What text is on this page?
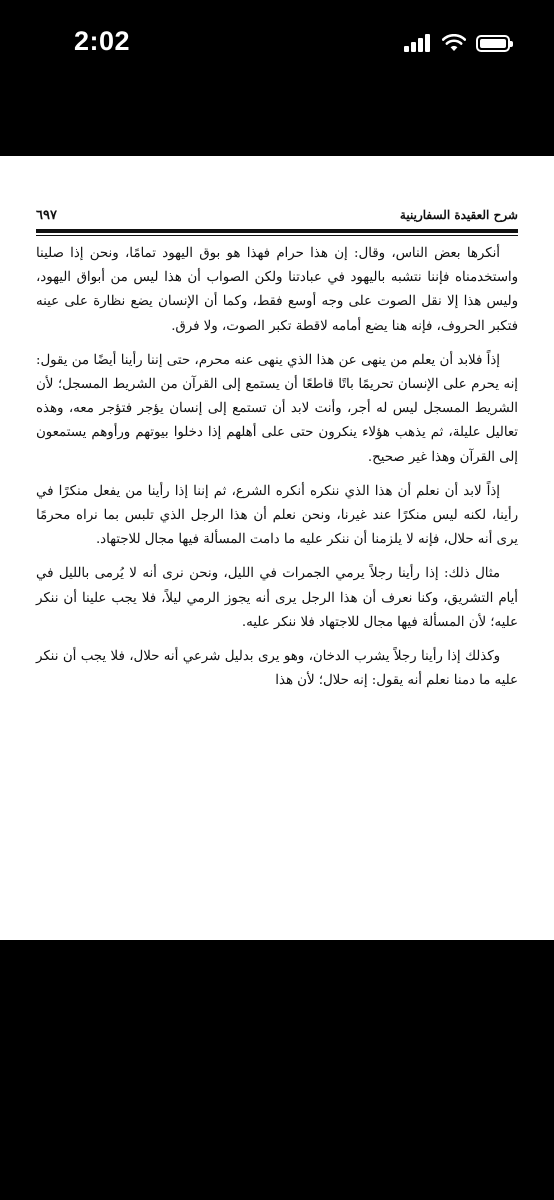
2:02
شرح العقيدة السفارينية
٦٩٧

أنكرها بعض الناس، وقال: إن هذا حرام فهذا هو بوق اليهود تمامًا، ونحن إذا صلينا واستخدمناه فإننا نتشبه باليهود في عبادتنا ولكن الصواب أن هذا ليس من أبواق اليهود، وليس هذا إلا نقل الصوت على وجه أوسع فقط، وكما أن الإنسان يضع نظارة على عينه فتكبر الحروف، فإنه هنا يضع أمامه لاقطة تكبر الصوت، ولا فرق.

إذاً فلابد أن يعلم من ينهى عن هذا الذي ينهى عنه محرم، حتى إننا رأينا أيضًا من يقول: إنه يحرم على الإنسان تحريمًا باتًا قاطعًا أن يستمع إلى القرآن من الشريط المسجل؛ لأن الشريط المسجل ليس له أجر، وأنت لابد أن تستمع إلى إنسان يؤجر فتؤجر معه، وهذه تعاليل عليلة، ثم يذهب هؤلاء ينكرون حتى على أهلهم إذا دخلوا بيوتهم ورأوهم يستمعون إلى القرآن وهذا غير صحيح.

إذاً لابد أن نعلم أن هذا الذي ننكره أنكره الشرع، ثم إننا إذا رأينا من يفعل منكرًا في رأينا، لكنه ليس منكرًا عند غيرنا، ونحن نعلم أن هذا الرجل الذي تلبس بما نراه محرمًا يرى أنه حلال، فإنه لا يلزمنا أن ننكر عليه ما دامت المسألة فيها مجال للاجتهاد.

مثال ذلك: إذا رأينا رجلاً يرمي الجمرات في الليل، ونحن نرى أنه لا يُرمى بالليل في أيام التشريق، وكنا نعرف أن هذا الرجل يرى أنه يجوز الرمي ليلاً، فلا يجب علينا أن ننكر عليه؛ لأن المسألة فيها مجال للاجتهاد فلا ننكر عليه.

وكذلك إذا رأينا رجلاً يشرب الدخان، وهو يرى بدليل شرعي أنه حلال، فلا يجب أن ننكر عليه ما دمنا نعلم أنه يقول: إنه حلال؛ لأن هذا
